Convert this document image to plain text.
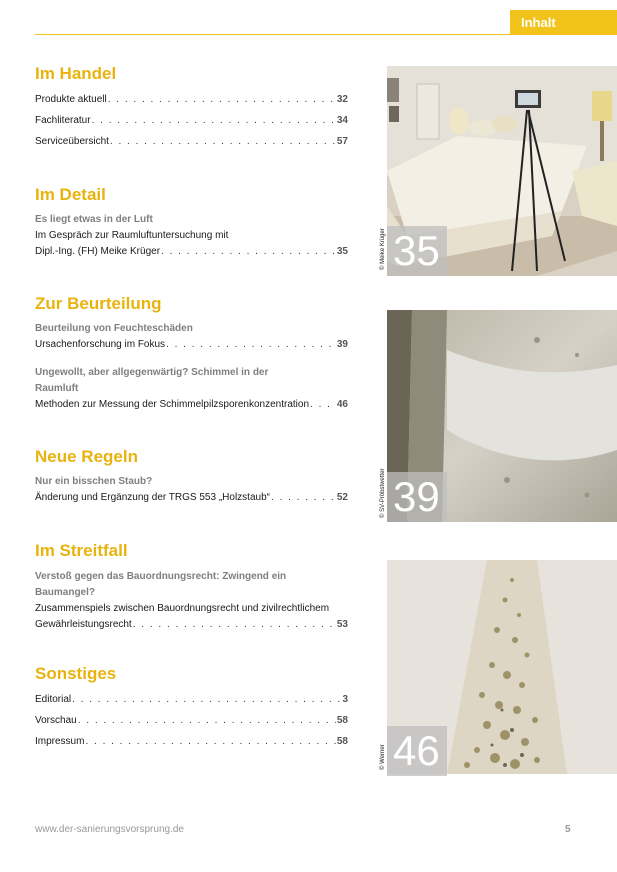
Inhalt
Im Handel
Produkte aktuell . . .	32
Fachliteratur . . .	34
Serviceübersicht . . .	57
Im Detail
Es liegt etwas in der Luft
Im Gespräch zur Raumluftuntersuchung mit
Dipl.-Ing. (FH) Meike Krüger . . .	35
Zur Beurteilung
Beurteilung von Feuchteschäden
Ursachenforschung im Fokus . . .	39
Ungewollt, aber allgegenwärtig? Schimmel in der
Raumluft
Methoden zur Messung der Schimmelpilzsporenkonzentration . . .	46
Neue Regeln
Nur ein bisschen Staub?
Änderung und Ergänzung der TRGS 553 „Holzstaub“ . . .	52
Im Streitfall
Verstoß gegen das Bauordnungsrecht: Zwingend ein
Baumangel?
Zusammenspiels zwischen Bauordnungsrecht und zivilrechtlichem
Gewährleistungsrecht . . .	53
Sonstiges
Editorial . . .	3
Vorschau . . .	58
Impressum . . .	58
35
© Meike Krüger
39
© SV-Pröbstwetter
46
© Werner
www.der-sanierungsvorsprung.de	5
